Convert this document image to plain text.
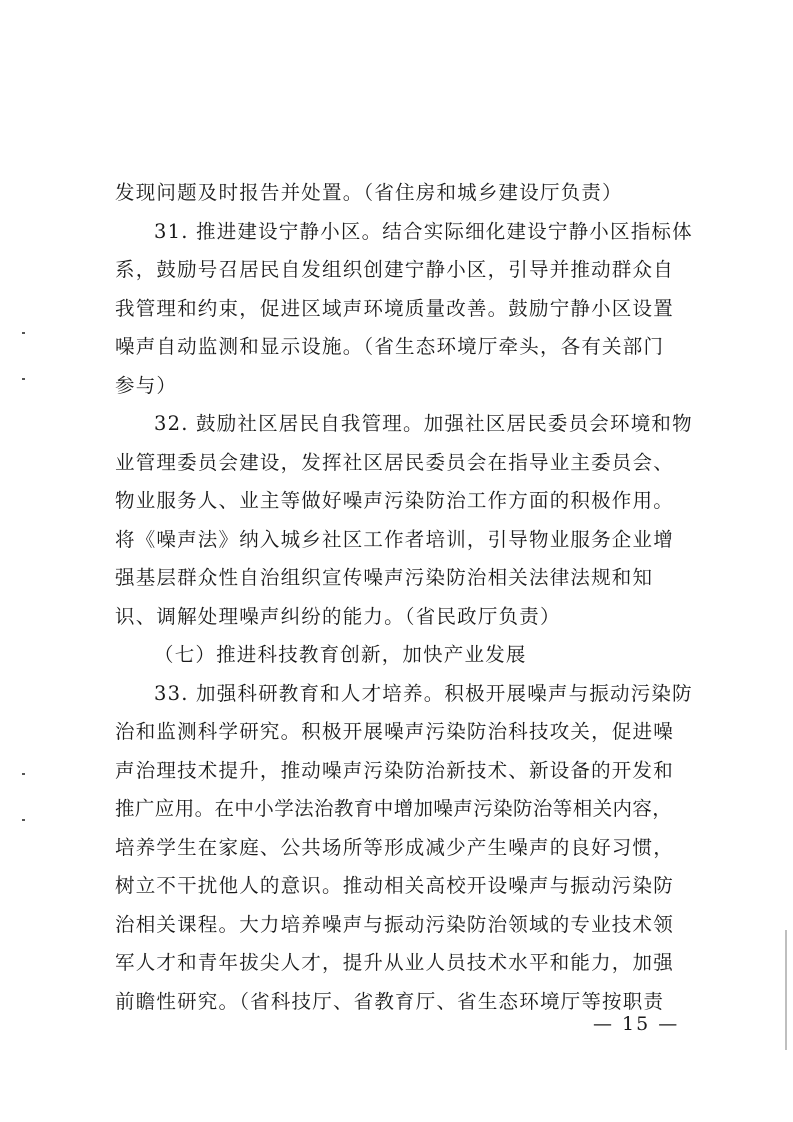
发现问题及时报告并处置。（省住房和城乡建设厅负责）
31. 推进建设宁静小区。结合实际细化建设宁静小区指标体
系，鼓励号召居民自发组织创建宁静小区，引导并推动群众自
我管理和约束，促进区域声环境质量改善。鼓励宁静小区设置
噪声自动监测和显示设施。（省生态环境厅牵头，各有关部门
参与）
32. 鼓励社区居民自我管理。加强社区居民委员会环境和物
业管理委员会建设，发挥社区居民委员会在指导业主委员会、
物业服务人、业主等做好噪声污染防治工作方面的积极作用。
将《噪声法》纳入城乡社区工作者培训，引导物业服务企业增
强基层群众性自治组织宣传噪声污染防治相关法律法规和知
识、调解处理噪声纠纷的能力。（省民政厅负责）
（七）推进科技教育创新，加快产业发展
33. 加强科研教育和人才培养。积极开展噪声与振动污染防
治和监测科学研究。积极开展噪声污染防治科技攻关，促进噪
声治理技术提升，推动噪声污染防治新技术、新设备的开发和
推广应用。在中小学法治教育中增加噪声污染防治等相关内容，
培养学生在家庭、公共场所等形成减少产生噪声的良好习惯，
树立不干扰他人的意识。推动相关高校开设噪声与振动污染防
治相关课程。大力培养噪声与振动污染防治领域的专业技术领
军人才和青年拔尖人才，提升从业人员技术水平和能力，加强
前瞻性研究。（省科技厅、省教育厅、省生态环境厅等按职责
— 15 —
